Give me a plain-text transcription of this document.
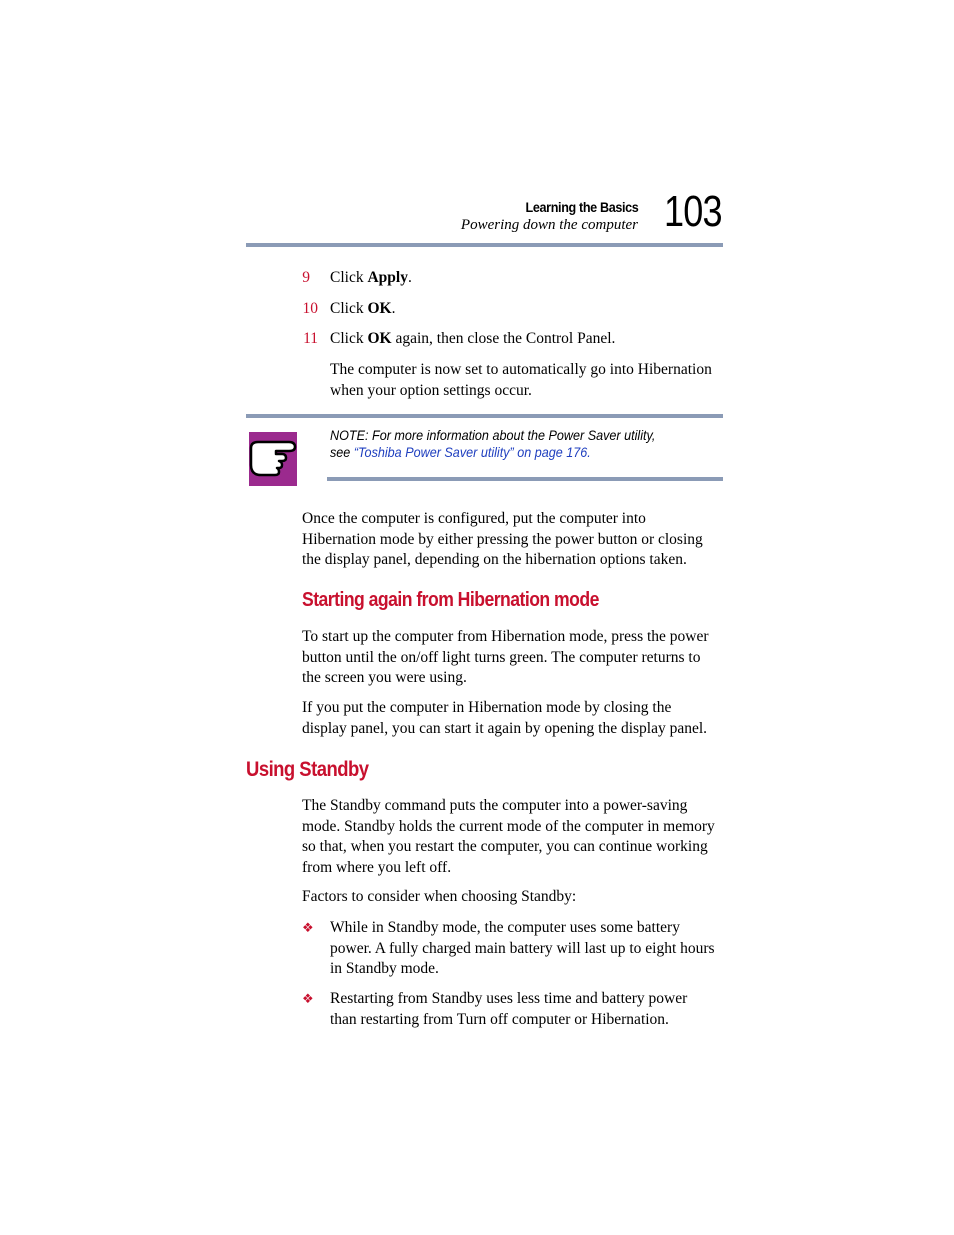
Learning the Basics
Powering down the computer 103
9 Click Apply.
10 Click OK.
11 Click OK again, then close the Control Panel.
The computer is now set to automatically go into Hibernation
when your option settings occur.
NOTE: For more information about the Power Saver utility,
see “Toshiba Power Saver utility” on page 176.
Once the computer is configured, put the computer into
Hibernation mode by either pressing the power button or closing
the display panel, depending on the hibernation options taken.
Starting again from Hibernation mode
To start up the computer from Hibernation mode, press the power
button until the on/off light turns green. The computer returns to
the screen you were using.
If you put the computer in Hibernation mode by closing the
display panel, you can start it again by opening the display panel.
Using Standby
The Standby command puts the computer into a power-saving
mode. Standby holds the current mode of the computer in memory
so that, when you restart the computer, you can continue working
from where you left off.
Factors to consider when choosing Standby:
❖ While in Standby mode, the computer uses some battery
power. A fully charged main battery will last up to eight hours
in Standby mode.
❖ Restarting from Standby uses less time and battery power
than restarting from Turn off computer or Hibernation.
